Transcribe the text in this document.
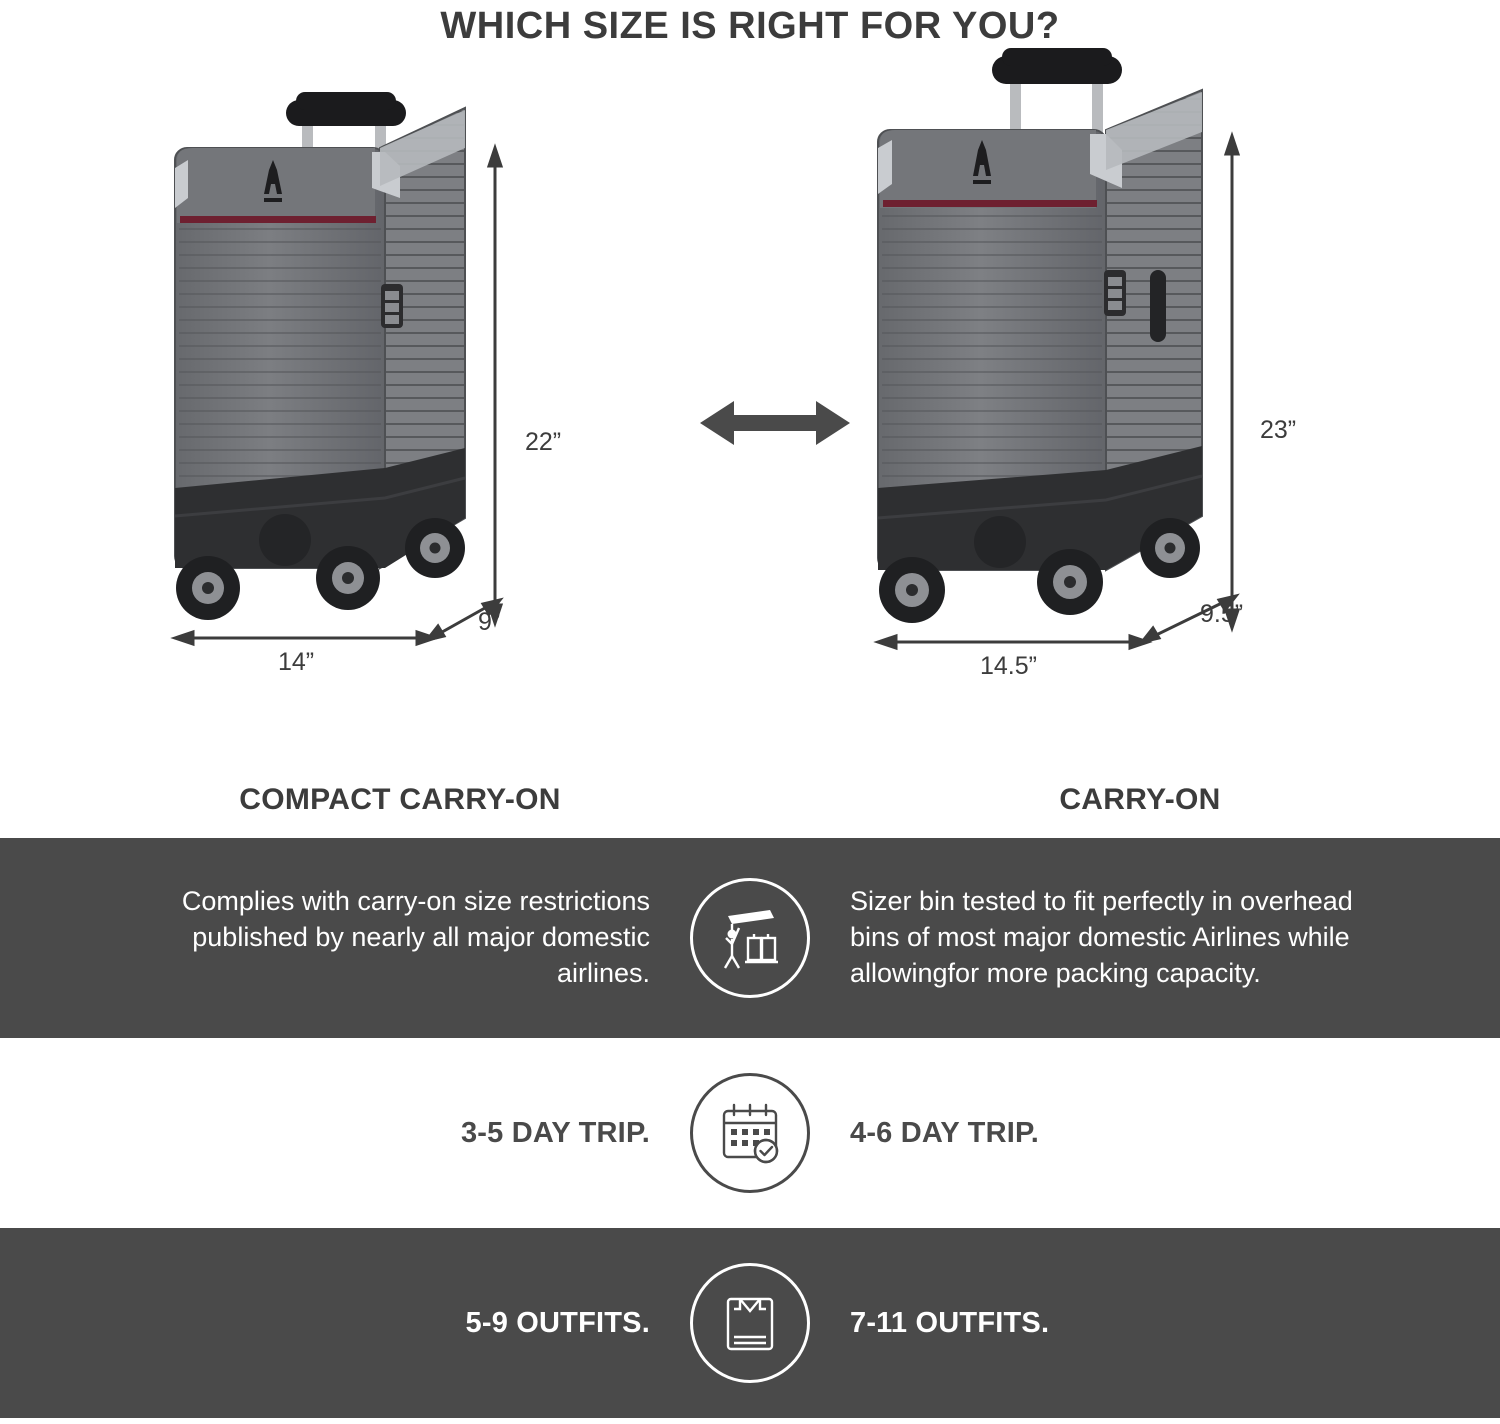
WHICH SIZE IS RIGHT FOR YOU?
22”
14”
9”
COMPACT CARRY-ON
23”
14.5”
9.5”
CARRY-ON
Complies with carry-on size restrictions published by nearly all major domestic airlines.
Sizer bin tested to fit perfectly in overhead bins of most major domestic Airlines while allowingfor more packing capacity.
3-5 DAY TRIP.	4-6 DAY TRIP.
5-9 OUTFITS.	7-11 OUTFITS.
